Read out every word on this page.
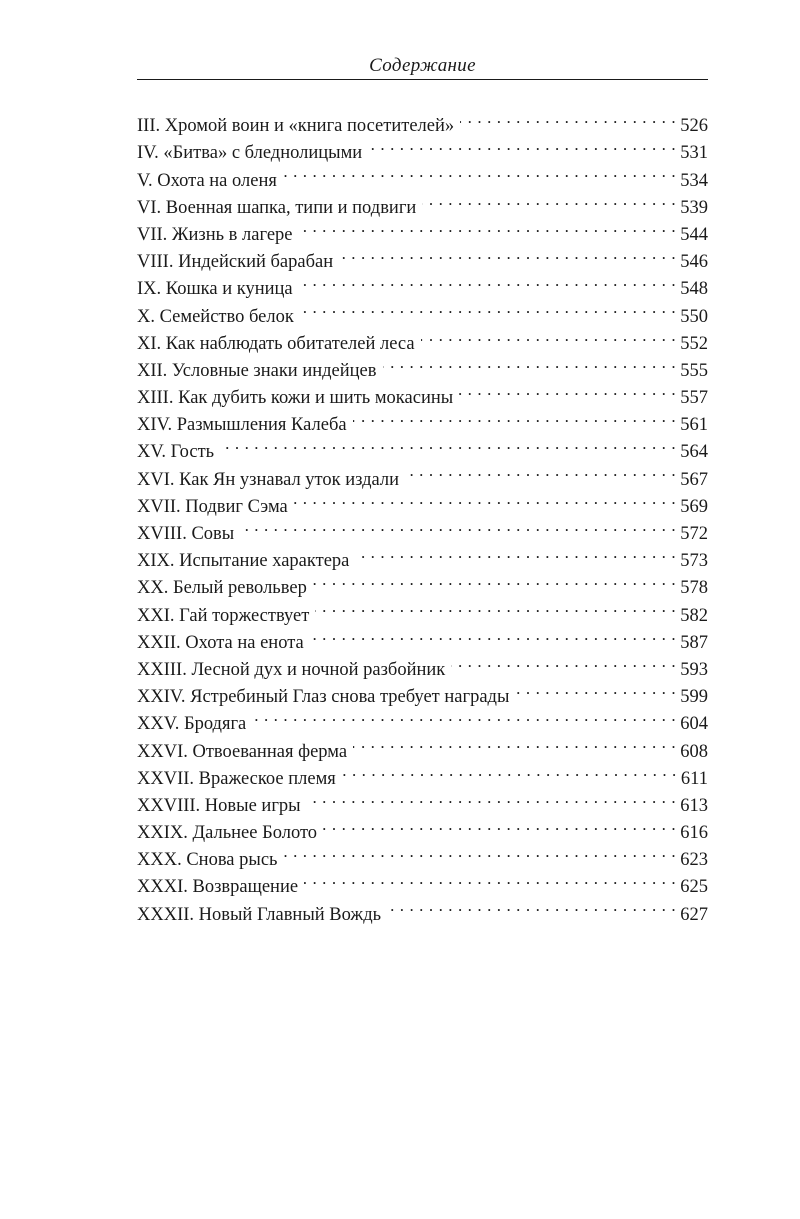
Содержание
III. Хромой воин и «книга посетителей» . . .	526
IV. «Битва» с бледнолицыми . . .	531
V. Охота на оленя . . .	534
VI. Военная шапка, типи и подвиги . . .	539
VII. Жизнь в лагере . . .	544
VIII. Индейский барабан . . .	546
IX. Кошка и куница . . .	548
X. Семейство белок . . .	550
XI. Как наблюдать обитателей леса . . .	552
XII. Условные знаки индейцев . . .	555
XIII. Как дубить кожи и шить мокасины . . .	557
XIV. Размышления Калеба . . .	561
XV. Гость . . .	564
XVI. Как Ян узнавал уток издали . . .	567
XVII. Подвиг Сэма . . .	569
XVIII. Совы . . .	572
XIX. Испытание характера . . .	573
XX. Белый револьвер . . .	578
XXI. Гай торжествует . . .	582
XXII. Охота на енота . . .	587
XXIII. Лесной дух и ночной разбойник . . .	593
XXIV. Ястребиный Глаз снова требует награды . . .	599
XXV. Бродяга . . .	604
XXVI. Отвоеванная ферма . . .	608
XXVII. Вражеское племя . . .	611
XXVIII. Новые игры . . .	613
XXIX. Дальнее Болото . . .	616
XXX. Снова рысь . . .	623
XXXI. Возвращение . . .	625
XXXII. Новый Главный Вождь . . .	627
